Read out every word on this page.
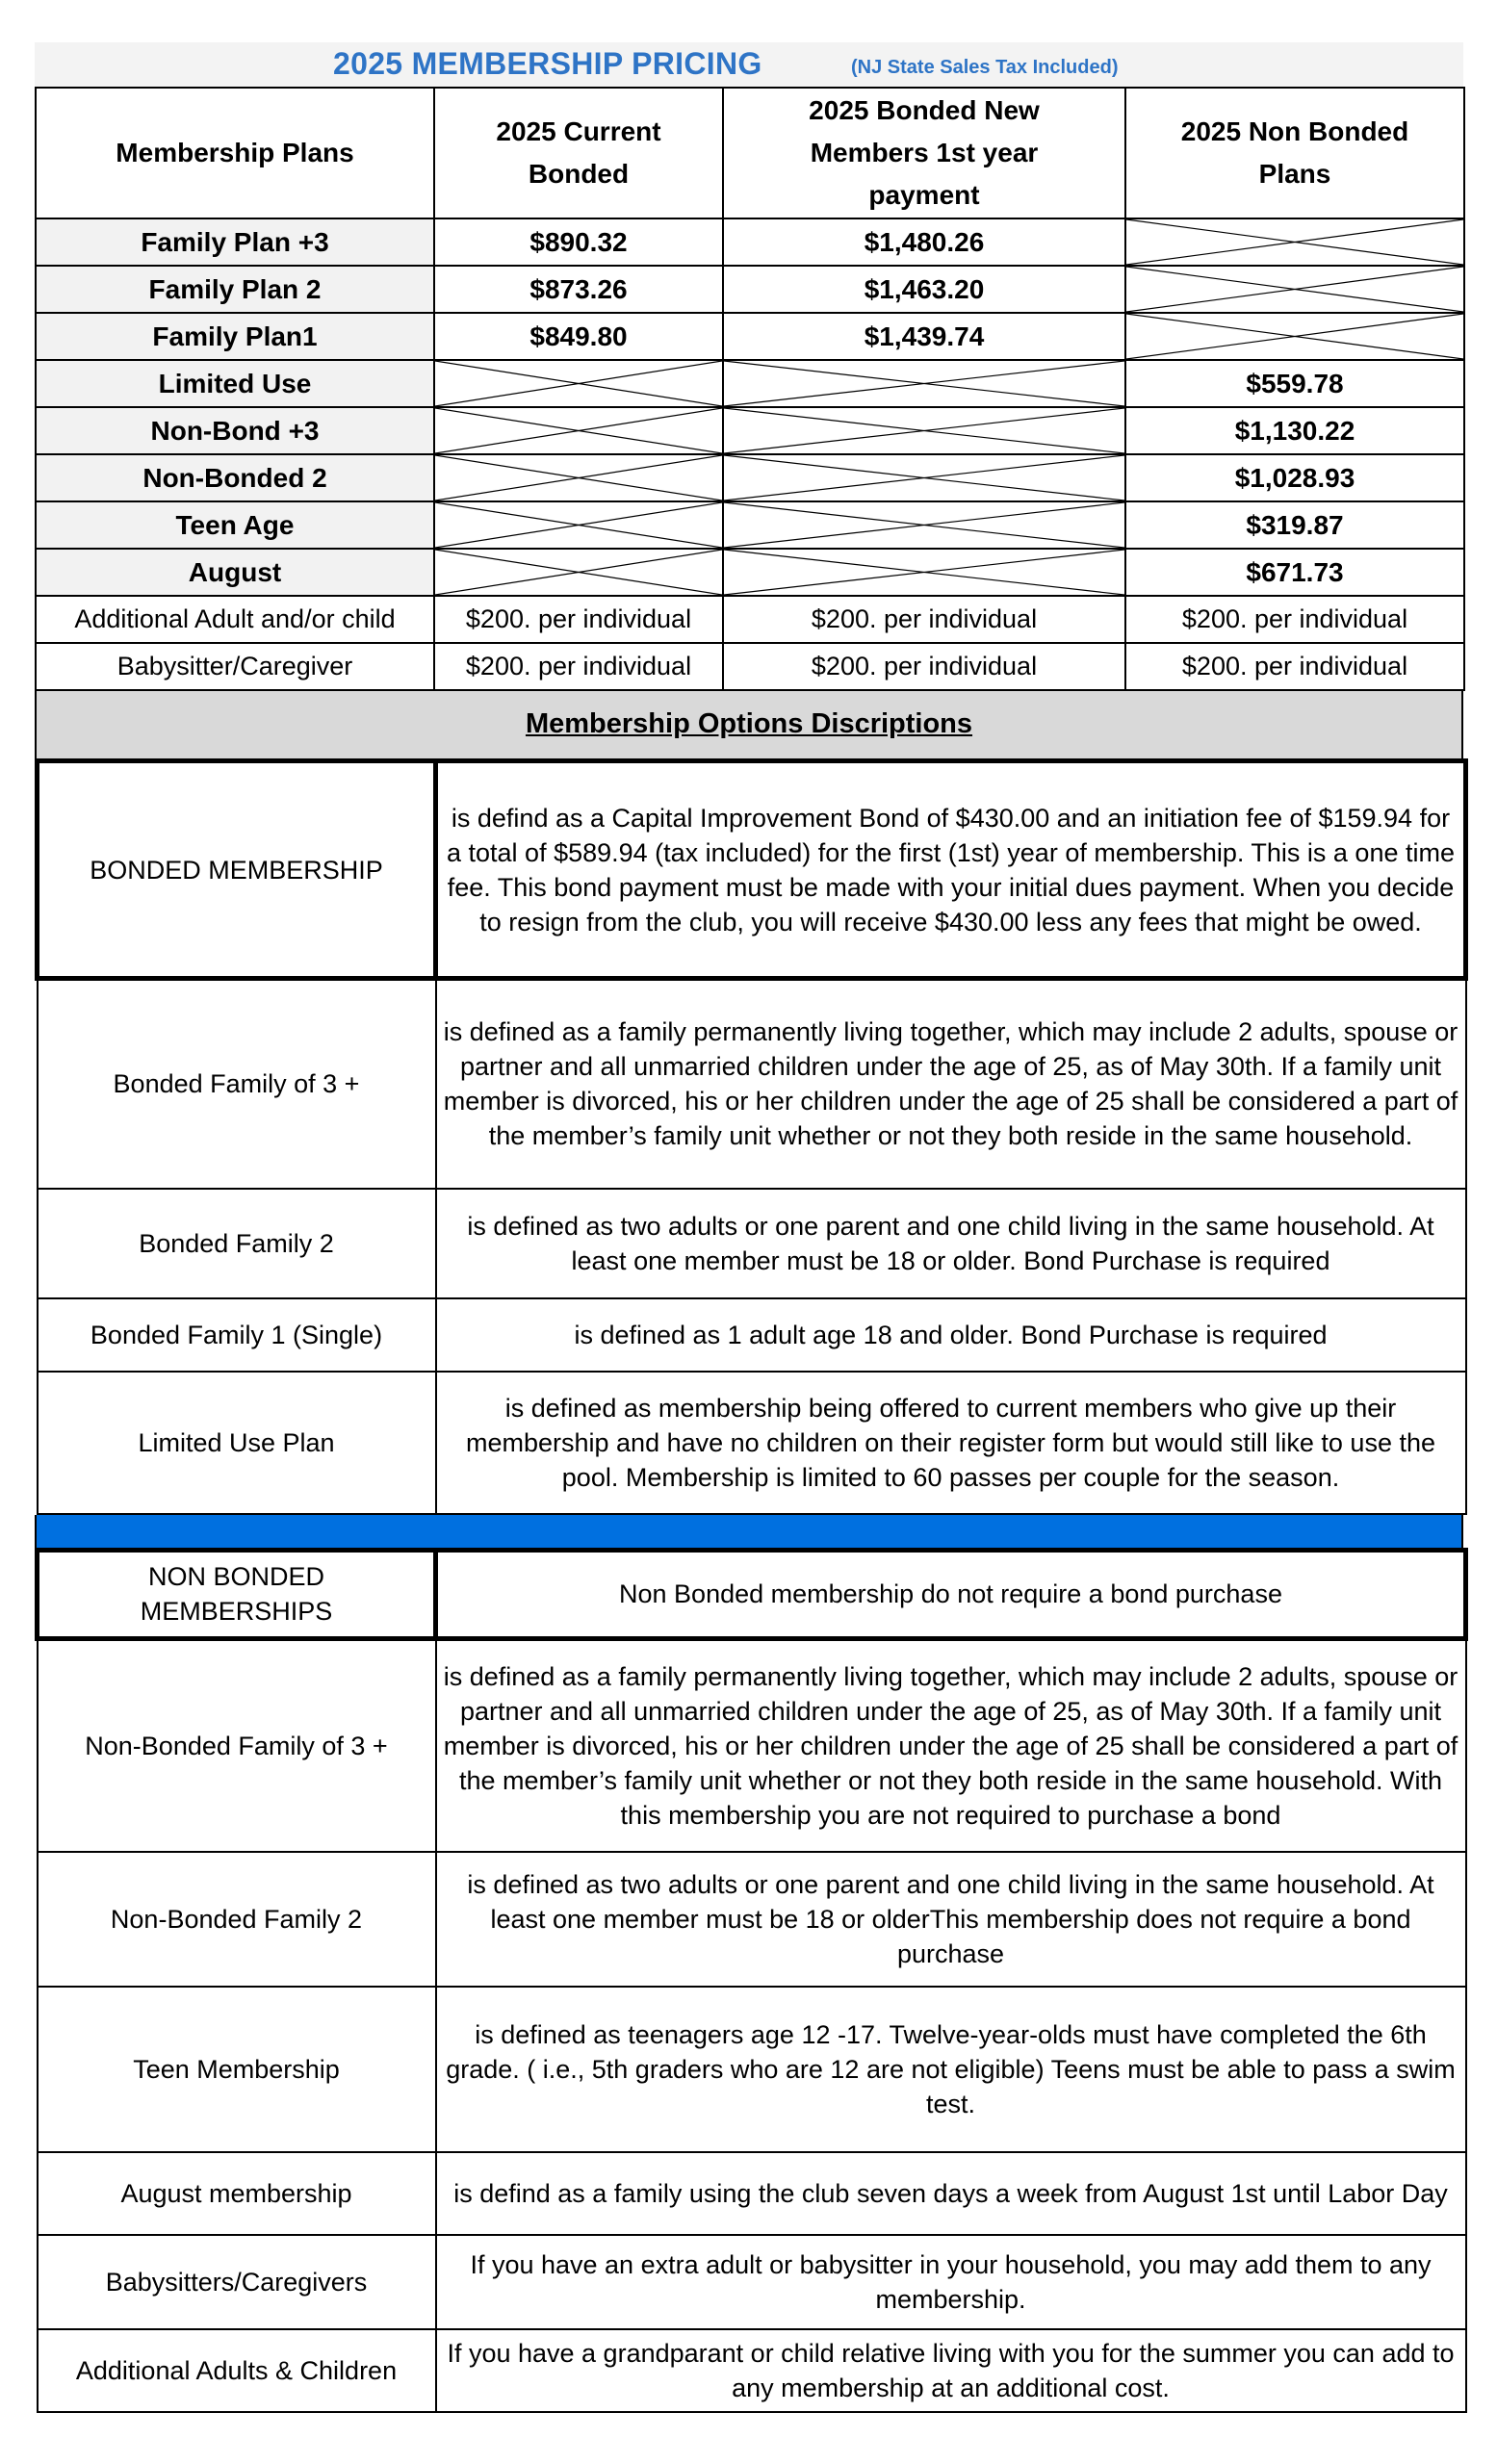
2025 MEMBERSHIP PRICING	(NJ State Sales Tax Included)
Membership Plans	2025 Current Bonded	2025 Bonded New Members 1st year payment	2025 Non Bonded Plans

Family Plan +3	$890.32	$1,480.26	

Family Plan 2	$873.26	$1,463.20	

Family Plan1	$849.80	$1,439.74	

Limited Use			$559.78
Non-Bond +3			$1,130.22
Non-Bonded 2			$1,028.93
Teen Age			$319.87
August			$671.73
Additional Adult and/or child	$200. per individual	$200. per individual	$200. per individual
Babysitter/Caregiver	$200. per individual	$200. per individual	$200. per individual
Membership Options Discriptions
BONDED MEMBERSHIP	is defind as a Capital Improvement Bond of $430.00 and an initiation fee of $159.94 for a total of $589.94 (tax included) for the first (1st) year of membership. This is a one time fee. This bond payment must be made with your initial dues payment. When you decide to resign from the club, you will receive $430.00 less any fees that might be owed.
Bonded Family of 3 +	is defined as a family permanently living together, which may include 2 adults, spouse or partner and all unmarried children under the age of 25, as of May 30th. If a family unit member is divorced, his or her children under the age of 25 shall be considered a part of the member’s family unit whether or not they both reside in the same household.
Bonded Family 2	is defined as two adults or one parent and one child living in the same household. At least one member must be 18 or older. Bond Purchase is required
Bonded Family 1 (Single)	is defined as 1 adult age 18 and older. Bond Purchase is required
Limited Use Plan	is defined as membership being offered to current members who give up their membership and have no children on their register form but would still like to use the pool. Membership is limited to 60 passes per couple for the season.
NON BONDED MEMBERSHIPS	Non Bonded membership do not require a bond purchase
Non-Bonded Family of 3 +	is defined as a family permanently living together, which may include 2 adults, spouse or partner and all unmarried children under the age of 25, as of May 30th. If a family unit member is divorced, his or her children under the age of 25 shall be considered a part of the member’s family unit whether or not they both reside in the same household. With this membership you are not required to purchase a bond
Non-Bonded Family 2	is defined as two adults or one parent and one child living in the same household. At least one member must be 18 or olderThis membership does not require a bond purchase
Teen Membership	is defined as teenagers age 12 -17. Twelve-year-olds must have completed the 6th grade. ( i.e., 5th graders who are 12 are not eligible) Teens must be able to pass a swim test.
August membership	is defind as a family using the club seven days a week from August 1st until Labor Day
Babysitters/Caregivers	If you have an extra adult or babysitter in your household, you may add them to any membership.
Additional Adults & Children	If you have a grandparant or child relative living with you for the summer you can add to any membership at an additional cost.
